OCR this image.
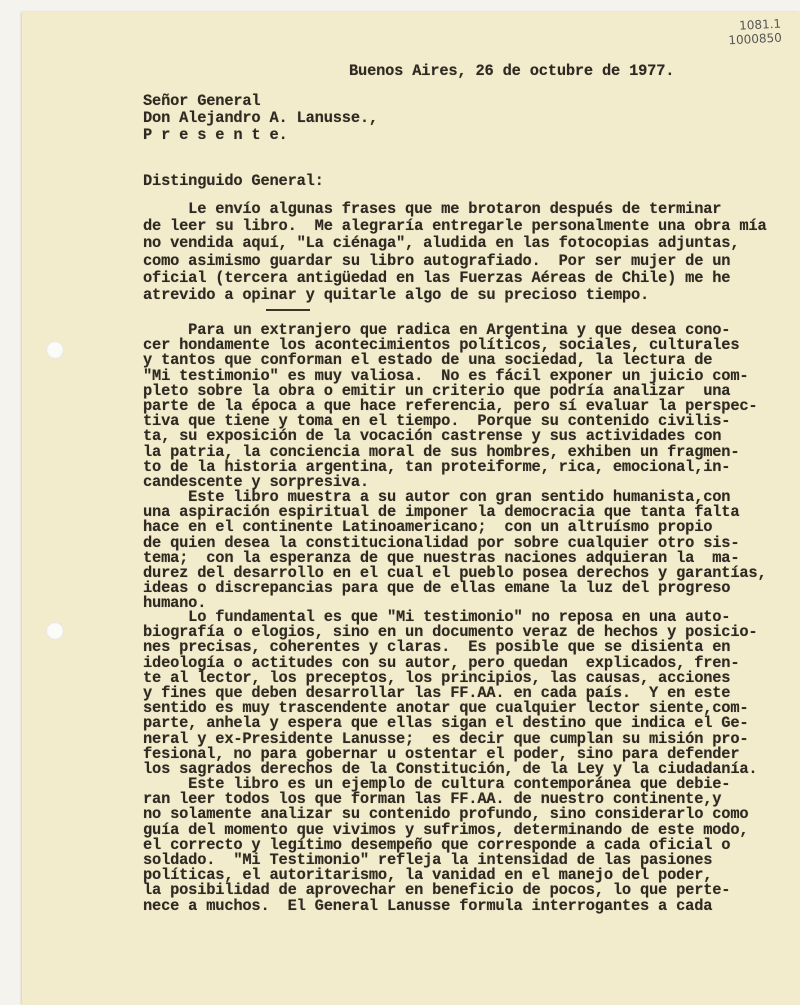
1081.1
1000850
Buenos Aires, 26 de octubre de 1977.
Señor General
Don Alejandro A. Lanusse.,
P r e s e n t e.
Distinguido General:
Le envío algunas frases que me brotaron después de terminar
de leer su libro.  Me alegraría entregarle personalmente una obra mía
no vendida aquí, "La ciénaga", aludida en las fotocopias adjuntas,
como asimismo guardar su libro autografiado.  Por ser mujer de un
oficial (tercera antigüedad en las Fuerzas Aéreas de Chile) me he
atrevido a opinar y quitarle algo de su precioso tiempo.
Para un extranjero que radica en Argentina y que desea cono-
cer hondamente los acontecimientos políticos, sociales, culturales
y tantos que conforman el estado de una sociedad, la lectura de
"Mi testimonio" es muy valiosa.  No es fácil exponer un juicio com-
pleto sobre la obra o emitir un criterio que podría analizar  una
parte de la época a que hace referencia, pero sí evaluar la perspec-
tiva que tiene y toma en el tiempo.  Porque su contenido civilis-
ta, su exposición de la vocación castrense y sus actividades con
la patria, la conciencia moral de sus hombres, exhiben un fragmen-
to de la historia argentina, tan proteiforme, rica, emocional,in-
candescente y sorpresiva.
Este libro muestra a su autor con gran sentido humanista,con
una aspiración espiritual de imponer la democracia que tanta falta
hace en el continente Latinoamericano;  con un altruísmo propio
de quien desea la constitucionalidad por sobre cualquier otro sis-
tema;  con la esperanza de que nuestras naciones adquieran la  ma-
durez del desarrollo en el cual el pueblo posea derechos y garantías,
ideas o discrepancias para que de ellas emane la luz del progreso
humano.
Lo fundamental es que "Mi testimonio" no reposa en una auto-
biografía o elogios, sino en un documento veraz de hechos y posicio-
nes precisas, coherentes y claras.  Es posible que se disienta en
ideología o actitudes con su autor, pero quedan  explicados, fren-
te al lector, los preceptos, los principios, las causas, acciones
y fines que deben desarrollar las FF.AA. en cada país.  Y en este
sentido es muy trascendente anotar que cualquier lector siente,com-
parte, anhela y espera que ellas sigan el destino que indica el Ge-
neral y ex-Presidente Lanusse;  es decir que cumplan su misión pro-
fesional, no para gobernar u ostentar el poder, sino para defender
los sagrados derechos de la Constitución, de la Ley y la ciudadanía.
Este libro es un ejemplo de cultura contemporánea que debie-
ran leer todos los que forman las FF.AA. de nuestro continente,y
no solamente analizar su contenido profundo, sino considerarlo como
guía del momento que vivimos y sufrimos, determinando de este modo,
el correcto y legítimo desempeño que corresponde a cada oficial o
soldado.  "Mi Testimonio" refleja la intensidad de las pasiones
políticas, el autoritarismo, la vanidad en el manejo del poder,
la posibilidad de aprovechar en beneficio de pocos, lo que perte-
nece a muchos.  El General Lanusse formula interrogantes a cada
